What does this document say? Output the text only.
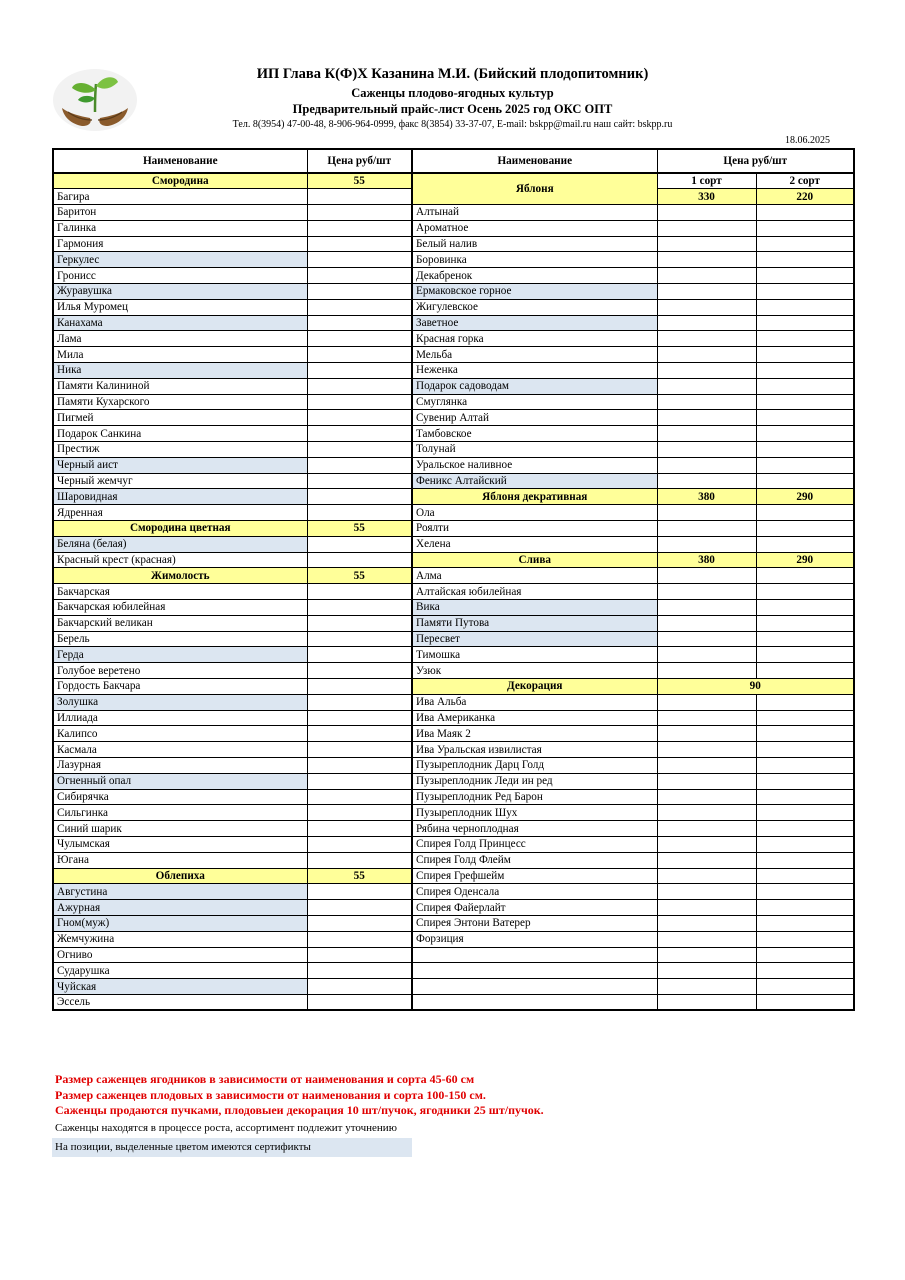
ИП Глава К(Ф)Х Казанина М.И. (Бийский плодопитомник)
Саженцы плодово-ягодных культур
Предварительный прайс-лист Осень 2025 год ОКС ОПТ
Тел. 8(3954) 47-00-48, 8-906-964-0999, факс 8(3854) 33-37-07, E-mail: bskpp@mail.ru наш сайт: bskpp.ru
18.06.2025
Наименование	Цена руб/шт	Наименование	Цена руб/шт	
Смородина	55	Яблоня	1 сорт	2 сорт
Багира			330	220
Баритон		Алтынай		
Галинка		Ароматное		
Гармония		Белый налив		
Геркулес		Боровинка		
Гронисс		Декабренок		
Журавушка		Ермаковское горное		
Илья Муромец		Жигулевское		
Канахама		Заветное		
Лама		Красная горка		
Мила		Мельба		
Ника		Неженка		
Памяти Калининой		Подарок садоводам		
Памяти Кухарского		Смуглянка		
Пигмей		Сувенир Алтай		
Подарок Санкина		Тамбовское		
Престиж		Толунай		
Черный аист		Уральское наливное		
Черный жемчуг		Феникс Алтайский		
Шаровидная		Яблоня декративная	380	290
Ядренная		Ола		
Смородина цветная	55	Роялти		
Беляна (белая)		Хелена		
Красный крест (красная)		Слива	380	290
Жимолость	55	Алма		
Бакчарская		Алтайская юбилейная		
Бакчарская юбилейная		Вика		
Бакчарский великан		Памяти Путова		
Берель		Пересвет		
Герда		Тимошка		
Голубое веретено		Узюк		
Гордость Бакчара		Декорация	90	
Золушка		Ива Альба		
Иллиада		Ива Американка		
Калипсо		Ива Маяк 2		
Касмала		Ива Уральская извилистая		
Лазурная		Пузыреплодник Дарц Голд		
Огненный опал		Пузыреплодник Леди ин ред		
Сибирячка		Пузыреплодник Ред Барон		
Сильгинка		Пузыреплодник Шух		
Синий шарик		Рябина черноплодная		
Чулымская		Спирея Голд Принцесс		
Югана		Спирея Голд Флейм		
Облепиха	55	Спирея Грефшейм		
Августина		Спирея Оденсала		
Ажурная		Спирея Файерлайт		
Гном(муж)		Спирея Энтони Ватерер		
Жемчужина		Форзиция		
Огниво				
Сударушка				
Чуйская				
Эссель				
Размер саженцев ягодников в зависимости от наименования и сорта 45-60 см
Размер саженцев плодовых в зависимости от наименования и сорта 100-150 см.
Саженцы продаются пучками, плодовыеи декорация 10 шт/пучок, ягодники 25 шт/пучок.
Саженцы находятся в процессе роста, ассортимент подлежит уточнению
На позиции, выделенные цветом имеются сертификты
